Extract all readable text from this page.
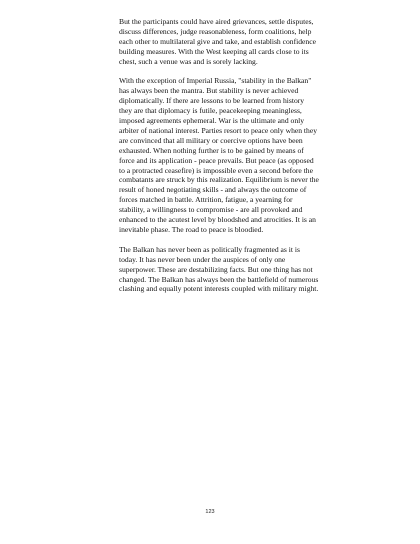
But the participants could have aired grievances, settle disputes, discuss differences, judge reasonableness, form coalitions, help each other to multilateral give and take, and establish confidence building measures. With the West keeping all cards close to its chest, such a venue was and is sorely lacking.

With the exception of Imperial Russia, "stability in the Balkan" has always been the mantra. But stability is never achieved diplomatically. If there are lessons to be learned from history they are that diplomacy is futile, peacekeeping meaningless, imposed agreements ephemeral. War is the ultimate and only arbiter of national interest. Parties resort to peace only when they are convinced that all military or coercive options have been exhausted. When nothing further is to be gained by means of force and its application - peace prevails. But peace (as opposed to a protracted ceasefire) is impossible even a second before the combatants are struck by this realization. Equilibrium is never the result of honed negotiating skills - and always the outcome of forces matched in battle. Attrition, fatigue, a yearning for stability, a willingness to compromise - are all provoked and enhanced to the acutest level by bloodshed and atrocities. It is an inevitable phase. The road to peace is bloodied.

The Balkan has never been as politically fragmented as it is today. It has never been under the auspices of only one superpower. These are destabilizing facts. But one thing has not changed. The Balkan has always been the battlefield of numerous clashing and equally potent interests coupled with military might.

123
